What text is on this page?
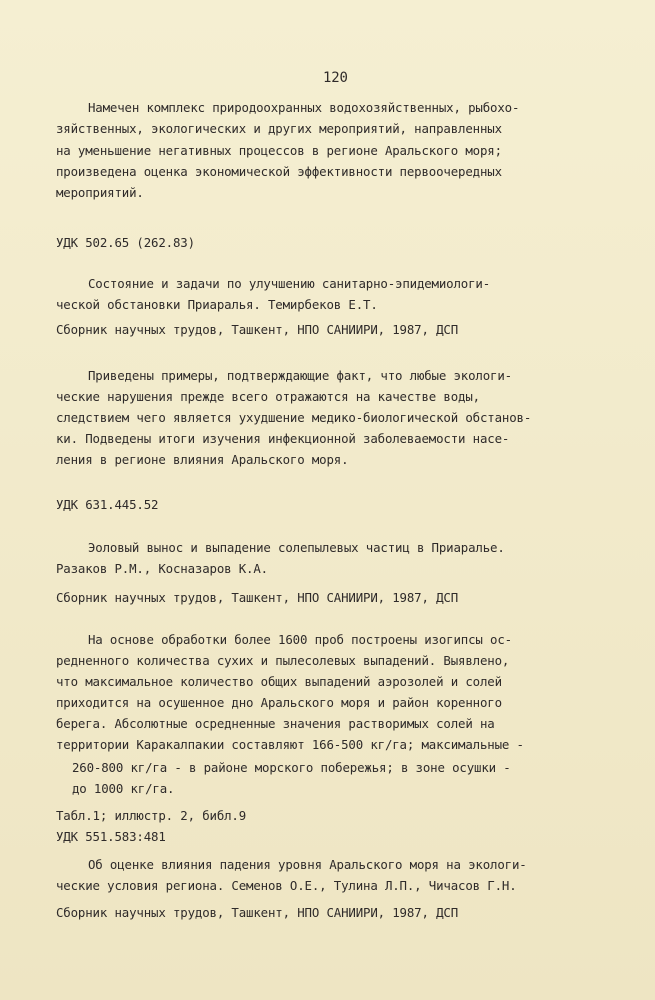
120

Намечен комплекс природоохранных водохозяйственных, рыбохо-

зяйственных, экологических и других мероприятий, направленных

на уменьшение негативных процессов в регионе Аральского моря;

произведена оценка экономической эффективности первоочередных

мероприятий.

УДК 502.65 (262.83)

Состояние и задачи по улучшению санитарно-эпидемиологи-

ческой обстановки Приаралья. Темирбеков Е.Т.

Сборник научных трудов, Ташкент, НПО САНИИРИ, 1987, ДСП

Приведены примеры, подтверждающие факт, что любые экологи-

ческие нарушения прежде всего отражаются на качестве воды,

следствием чего является ухудшение медико-биологической обстанов-

ки. Подведены итоги изучения инфекционной заболеваемости насе-

ления в регионе влияния Аральского моря.

УДК 631.445.52

Эоловый вынос и выпадение солепылевых частиц в Приаралье.

Разаков Р.М., Косназаров К.А.

Сборник научных трудов, Ташкент, НПО САНИИРИ, 1987, ДСП

На основе обработки более 1600 проб построены изогипсы ос-

редненного количества сухих и пылесолевых выпадений. Выявлено,

что максимальное количество общих выпадений аэрозолей и солей

приходится на осушенное дно Аральского моря и район коренного

берега. Абсолютные осредненные значения растворимых солей на

территории Каракалпакии составляют 166-500 кг/га; максимальные -

260-800 кг/га - в районе морского побережья; в зоне осушки -

до 1000 кг/га.

Табл.1; иллюстр. 2, библ.9

УДК 551.583:481

Об оценке влияния падения уровня Аральского моря на экологи-

ческие условия региона. Семенов О.Е., Тулина Л.П., Чичасов Г.Н.

Сборник научных трудов, Ташкент, НПО САНИИРИ, 1987, ДСП
